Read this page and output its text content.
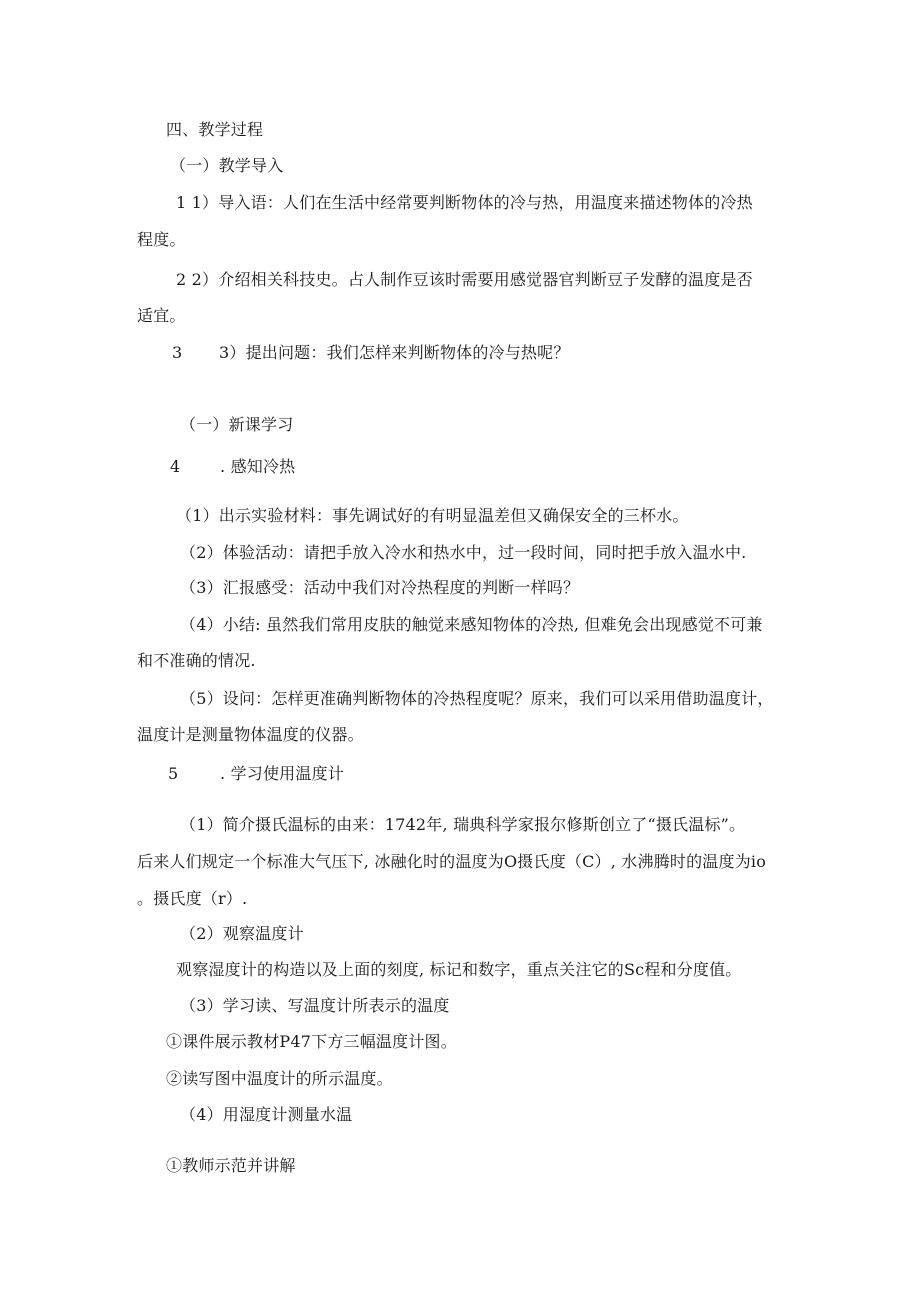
四、教学过程
（一）教学导入
1 1）导入语：人们在生活中经常要判断物体的冷与热，用温度来描述物体的冷热
程度。
2 2）介绍相关科技史。占人制作豆该时需要用感觉器官判断豆子发酵的温度是否
适宜。
3 3）提出问题：我们怎样来判断物体的冷与热呢？
（一）新课学习
4 . 感知冷热
（1）出示实验材料：事先调试好的有明显温差但又确保安全的三杯水。
（2）体验活动：请把手放入冷水和热水中，过一段时间，同时把手放入温水中.
（3）汇报感受：活动中我们对冷热程度的判断一样吗？
（4）小结: 虽然我们常用皮肤的触觉来感知物体的冷热, 但难免会出现感觉不可兼
和不准确的情况.
（5）设问：怎样更准确判断物体的冷热程度呢？原来，我们可以采用借助温度计，
温度计是测量物体温度的仪器。
5	. 学习使用温度计
（1）简介摄氏温标的由来：1742年, 瑞典科学家报尔修斯创立了“摄氏温标”。
后来人们规定一个标准大气压下, 冰融化时的温度为O摄氏度（C）, 水沸腾时的温度为io
。摄氏度（r）.
（2）观察温度计
观察湿度计的构造以及上面的刻度, 标记和数字，重点关注它的Sc程和分度值。
（3）学习读、写温度计所表示的温度
①课件展示教材P47下方三幅温度计图。
②读写图中温度计的所示温度。
（4）用湿度计测量水温
①教师示范并讲解
